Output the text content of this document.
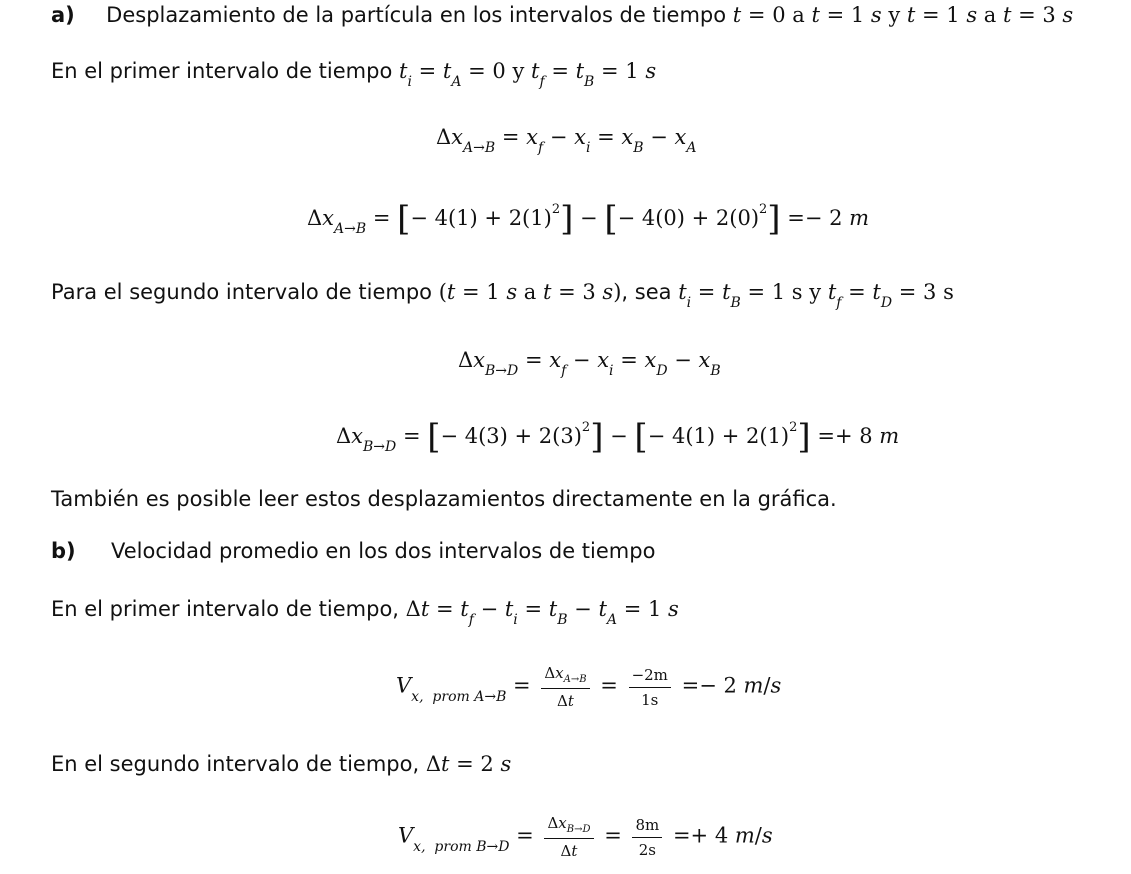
a) Desplazamiento de la partícula en los intervalos de tiempo t = 0 a t = 1 s y t = 1 s a t = 3 s
En el primer intervalo de tiempo $t_i = t_A = 0$ y $t_f = t_B = 1$ s
$\Delta x_{A\to B} = x_f - x_i = x_B - x_A$
$\Delta x_{A\to B}$ = [− $4(1) + 2(1)^2$] − [− $4(0) + 2(0)^2] =- 2$ m
Para el segundo intervalo de tiempo (t = 1 s a t = 3 s), sea $t_i = t_B = 1$ s y $t_f = t_D = 3$ s
$\Delta x_{B\to D} = x_f - x_i = x_D - x_B$
$\Delta x_{B\to D}$ = [− $4(3) + 2(3)^2$] − [− $4(1) + 2(1)^2] =+ 8$ m
También es posible leer estos desplazamientos directamente en la gráfica.
b) Velocidad promedio en los dos intervalos de tiempo
En el primer intervalo de tiempo, $\Delta t = t_f - t_i = t_B - t_A = 1$ s
$V_{x, prom A\to B} = \frac{\Delta x_{A\to B}}{\Delta t} = \frac{-2m}{1s} =- 2$ m/s
En el segundo intervalo de tiempo, Δt = 2 s
$V_{x, prom B\to D} = \frac{\Delta x_{B\to D}}{\Delta t} = \frac{8m}{2s} =+ 4$ m/s
